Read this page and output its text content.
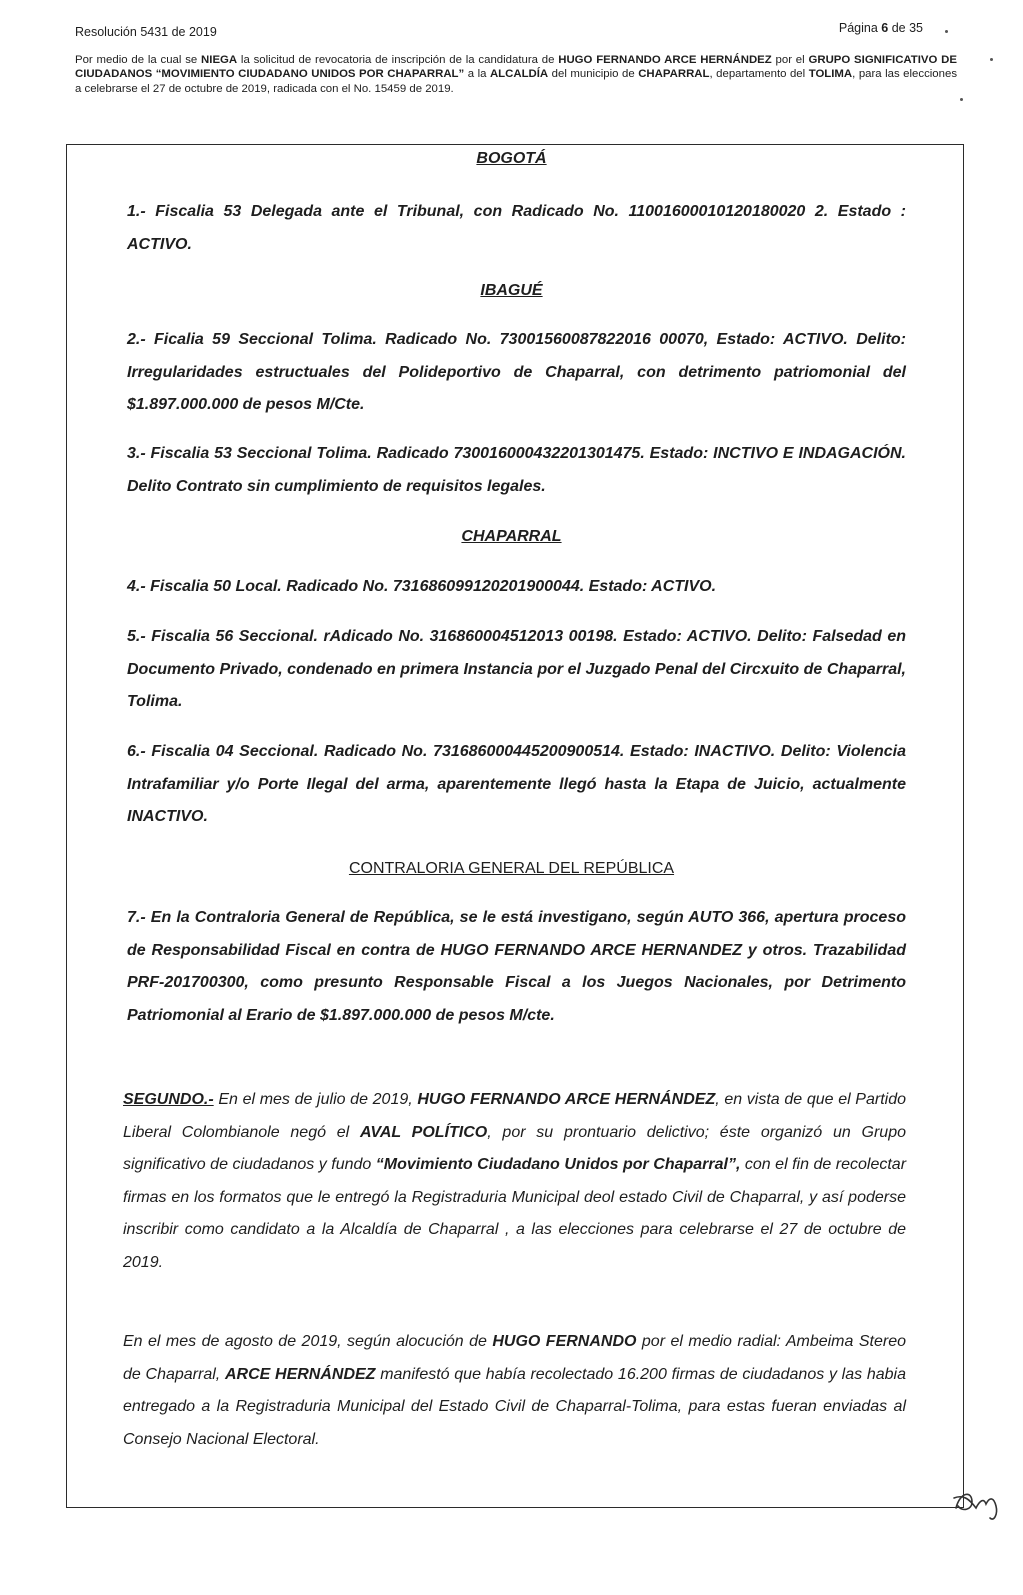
Resolución 5431 de 2019	Página 6 de 35
Por medio de la cual se NIEGA la solicitud de revocatoria de inscripción de la candidatura de HUGO FERNANDO ARCE HERNÁNDEZ por el GRUPO SIGNIFICATIVO DE CIUDADANOS “MOVIMIENTO CIUDADANO UNIDOS POR CHAPARRAL” a la ALCALDÍA del municipio de CHAPARRAL, departamento del TOLIMA, para las elecciones a celebrarse el 27 de octubre de 2019, radicada con el No. 15459 de 2019.
BOGOTÁ
1.- Fiscalia 53 Delegada ante el Tribunal, con Radicado No. 11001600010120180020 2. Estado : ACTIVO.
IBAGUÉ
2.- Ficalia 59 Seccional Tolima. Radicado No. 73001560087822016 00070, Estado: ACTIVO. Delito: Irregularidades estructuales del Polideportivo de Chaparral, con detrimento patriomonial del $1.897.000.000 de pesos M/Cte.
3.- Fiscalia 53 Seccional Tolima. Radicado 730016000432201301475. Estado: INCTIVO E INDAGACIÓN. Delito Contrato sin cumplimiento de requisitos legales.
CHAPARRAL
4.- Fiscalia 50 Local. Radicado No. 731686099120201900044. Estado: ACTIVO.
5.- Fiscalia 56 Seccional. rAdicado No. 316860004512013 00198. Estado: ACTIVO. Delito: Falsedad en Documento Privado, condenado en primera Instancia por el Juzgado Penal del Circxuito de Chaparral, Tolima.
6.- Fiscalia 04 Seccional. Radicado No. 731686000445200900514. Estado: INACTIVO. Delito: Violencia Intrafamiliar y/o Porte Ilegal del arma, aparentemente llegó hasta la Etapa de Juicio, actualmente INACTIVO.
CONTRALORIA GENERAL DEL REPÚBLICA
7.- En la Contraloria General de República, se le está investigano, según AUTO 366, apertura proceso de Responsabilidad Fiscal en contra de HUGO FERNANDO ARCE HERNANDEZ y otros. Trazabilidad PRF-201700300, como presunto Responsable Fiscal a los Juegos Nacionales, por Detrimento Patriomonial al Erario de $1.897.000.000 de pesos M/cte.
SEGUNDO.- En el mes de julio de 2019, HUGO FERNANDO ARCE HERNÁNDEZ, en vista de que el Partido Liberal Colombianole negó el AVAL POLÍTICO, por su prontuario delictivo; éste organizó un Grupo significativo de ciudadanos y fundo “Movimiento Ciudadano Unidos por Chaparral”, con el fin de recolectar firmas en los formatos que le entregó la Registraduria Municipal deol estado Civil de Chaparral, y así poderse inscribir como candidato a la Alcaldía de Chaparral , a las elecciones para celebrarse el 27 de octubre de 2019.
En el mes de agosto de 2019, según alocución de HUGO FERNANDO por el medio radial: Ambeima Stereo de Chaparral, ARCE HERNÁNDEZ manifestó que había recolectado 16.200 firmas de ciudadanos y las habia entregado a la Registraduria Municipal del Estado Civil de Chaparral-Tolima, para estas fueran enviadas al Consejo Nacional Electoral.
